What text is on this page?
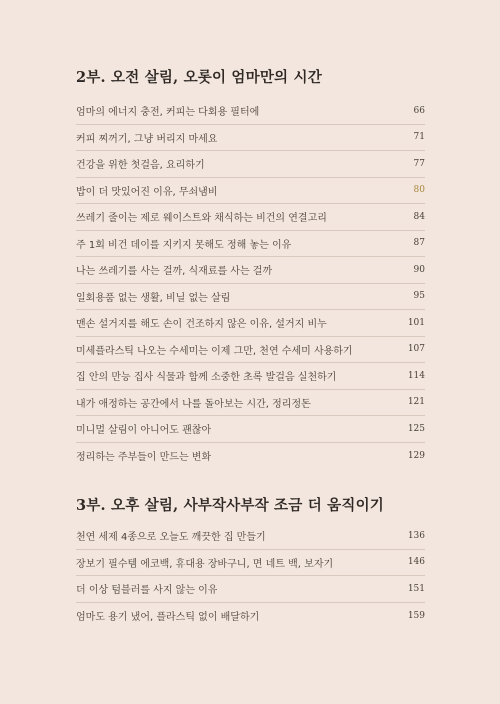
2부. 오전 살림, 오롯이 엄마만의 시간
엄마의 에너지 충전, 커피는 다회용 필터에	66
커피 찌꺼기, 그냥 버리지 마세요	71
건강을 위한 첫걸음, 요리하기	77
밥이 더 맛있어진 이유, 무쇠냄비	80
쓰레기 줄이는 제로 웨이스트와 채식하는 비건의 연결고리	84
주 1회 비건 데이를 지키지 못해도 정해 놓는 이유	87
나는 쓰레기를 사는 걸까, 식재료를 사는 걸까	90
일회용품 없는 생활, 비닐 없는 살림	95
맨손 설거지를 해도 손이 건조하지 않은 이유, 설거지 비누	101
미세플라스틱 나오는 수세미는 이제 그만, 천연 수세미 사용하기	107
집 안의 만능 집사 식물과 함께 소중한 초록 발걸음 실천하기	114
내가 애정하는 공간에서 나를 돌아보는 시간, 정리정돈	121
미니멀 살림이 아니어도 괜찮아	125
정리하는 주부들이 만드는 변화	129
3부. 오후 살림, 사부작사부작 조금 더 움직이기
천연 세제 4종으로 오늘도 깨끗한 집 만들기	136
장보기 필수템 에코백, 휴대용 장바구니, 면 네트 백, 보자기	146
더 이상 텀블러를 사지 않는 이유	151
엄마도 용기 냈어, 플라스틱 없이 배달하기	159
